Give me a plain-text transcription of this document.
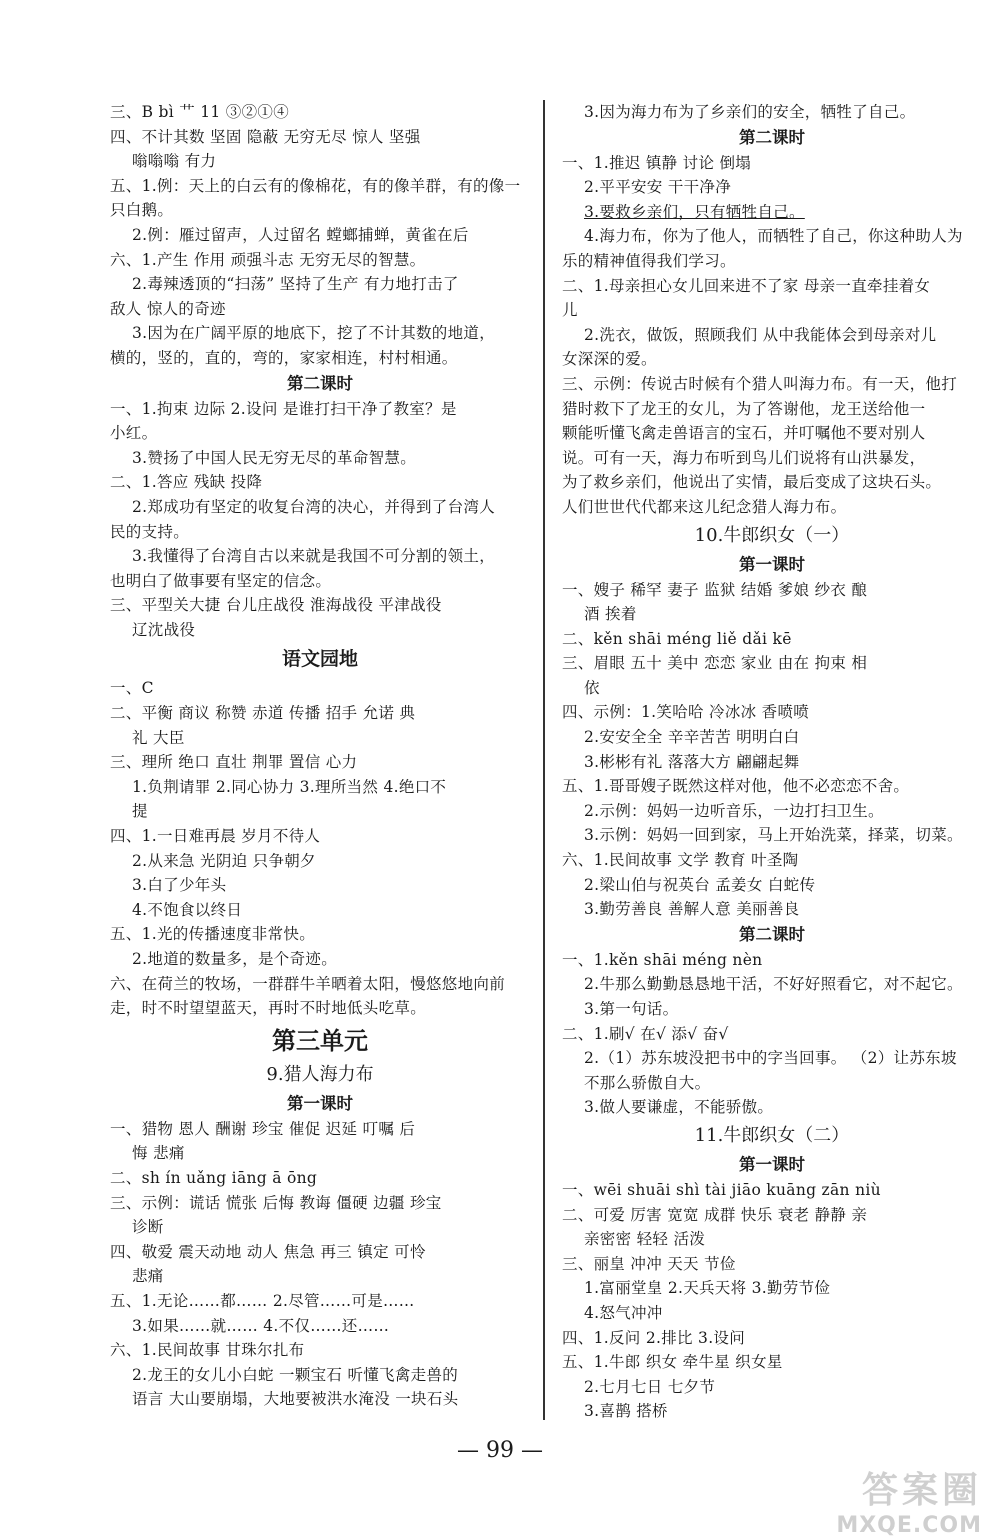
三、B bì 艹 11 ③②①④
四、不计其数 坚固 隐蔽 无穷无尽 惊人 坚强
嗡嗡嗡 有力
五、1.例：天上的白云有的像棉花，有的像羊群，有的像一
只白鹅。
2.例：雁过留声，人过留名 螳螂捕蝉，黄雀在后
六、1.产生 作用 顽强斗志 无穷无尽的智慧。
2.毒辣透顶的“扫荡” 坚持了生产 有力地打击了
敌人 惊人的奇迹
3.因为在广阔平原的地底下，挖了不计其数的地道，
横的，竖的，直的，弯的，家家相连，村村相通。
第二课时
一、1.拘束 边际 2.设问 是谁打扫干净了教室？是
小红。
3.赞扬了中国人民无穷无尽的革命智慧。
二、1.答应 残缺 投降
2.郑成功有坚定的收复台湾的决心，并得到了台湾人
民的支持。
3.我懂得了台湾自古以来就是我国不可分割的领土，
也明白了做事要有坚定的信念。
三、平型关大捷 台儿庄战役 淮海战役 平津战役
辽沈战役
语文园地
一、C
二、平衡 商议 称赞 赤道 传播 招手 允诺 典
礼 大臣
三、理所 绝口 直壮 荆罪 置信 心力
1.负荆请罪 2.同心协力 3.理所当然 4.绝口不
提
四、1.一日难再晨 岁月不待人
2.从来急 光阴迫 只争朝夕
3.白了少年头
4.不饱食以终日
五、1.光的传播速度非常快。
2.地道的数量多，是个奇迹。
六、在荷兰的牧场，一群群牛羊晒着太阳，慢悠悠地向前
走，时不时望望蓝天，再时不时地低头吃草。
第三单元
9.猎人海力布
第一课时
一、猎物 恩人 酬谢 珍宝 催促 迟延 叮嘱 后
悔 悲痛
二、sh ín uǎng iāng ā ōng
三、示例：谎话 慌张 后悔 教诲 僵硬 边疆 珍宝
诊断
四、敬爱 震天动地 动人 焦急 再三 镇定 可怜
悲痛
五、1.无论……都…… 2.尽管……可是……
3.如果……就…… 4.不仅……还……
六、1.民间故事 甘珠尔扎布
2.龙王的女儿小白蛇 一颗宝石 听懂飞禽走兽的
语言 大山要崩塌，大地要被洪水淹没 一块石头
3.因为海力布为了乡亲们的安全，牺牲了自己。
第二课时
一、1.推迟 镇静 讨论 倒塌
2.平平安安 干干净净
3.要救乡亲们，只有牺牲自己。
4.海力布，你为了他人，而牺牲了自己，你这种助人为
乐的精神值得我们学习。
二、1.母亲担心女儿回来进不了家 母亲一直牵挂着女
儿
2.洗衣，做饭，照顾我们 从中我能体会到母亲对儿
女深深的爱。
三、示例：传说古时候有个猎人叫海力布。有一天，他打
猎时救下了龙王的女儿，为了答谢他，龙王送给他一
颗能听懂飞禽走兽语言的宝石，并叮嘱他不要对别人
说。可有一天，海力布听到鸟儿们说将有山洪暴发，
为了救乡亲们，他说出了实情，最后变成了这块石头。
人们世世代代都来这儿纪念猎人海力布。
10.牛郎织女（一）
第一课时
一、嫂子 稀罕 妻子 监狱 结婚 爹娘 纱衣 酿
酒 挨着
二、kěn shāi méng liě dǎi kē
三、眉眼 五十 美中 恋恋 家业 由在 拘束 相
依
四、示例：1.笑哈哈 冷冰冰 香喷喷
2.安安全全 辛辛苦苦 明明白白
3.彬彬有礼 落落大方 翩翩起舞
五、1.哥哥嫂子既然这样对他，他不必恋恋不舍。
2.示例：妈妈一边听音乐，一边打扫卫生。
3.示例：妈妈一回到家，马上开始洗菜，择菜，切菜。
六、1.民间故事 文学 教育 叶圣陶
2.梁山伯与祝英台 孟姜女 白蛇传
3.勤劳善良 善解人意 美丽善良
第二课时
一、1.kěn shāi méng nèn
2.牛那么勤勤恳恳地干活，不好好照看它，对不起它。
3.第一句话。
二、1.刷√ 在√ 添√ 奋√
2.（1）苏东坡没把书中的字当回事。 （2）让苏东坡
不那么骄傲自大。
3.做人要谦虚，不能骄傲。
11.牛郎织女（二）
第一课时
一、wēi shuāi shì tài jiāo kuāng zān niù
二、可爱 厉害 宽宽 成群 快乐 衰老 静静 亲
亲密密 轻轻 活泼
三、丽皇 冲冲 天天 节俭
1.富丽堂皇 2.天兵天将 3.勤劳节俭
4.怒气冲冲
四、1.反问 2.排比 3.设问
五、1.牛郎 织女 牵牛星 织女星
2.七月七日 七夕节
3.喜鹊 搭桥
— 99 —
答案圈
MXQE.COM
